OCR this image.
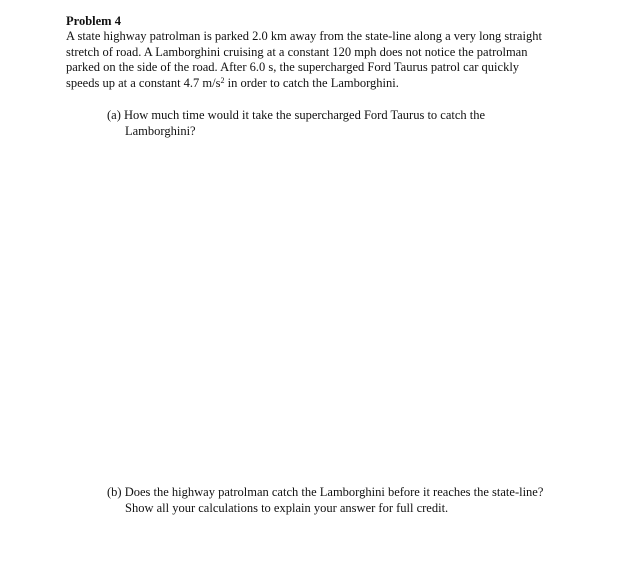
Problem 4
A state highway patrolman is parked 2.0 km away from the state-line along a very long straight
stretch of road. A Lamborghini cruising at a constant 120 mph does not notice the patrolman
parked on the side of the road. After 6.0 s, the supercharged Ford Taurus patrol car quickly
speeds up at a constant 4.7 $m/s^2$ in order to catch the Lamborghini.
(a) How much time would it take the supercharged Ford Taurus to catch the
Lamborghini?
(b) Does the highway patrolman catch the Lamborghini before it reaches the state-line?
Show all your calculations to explain your answer for full credit.
